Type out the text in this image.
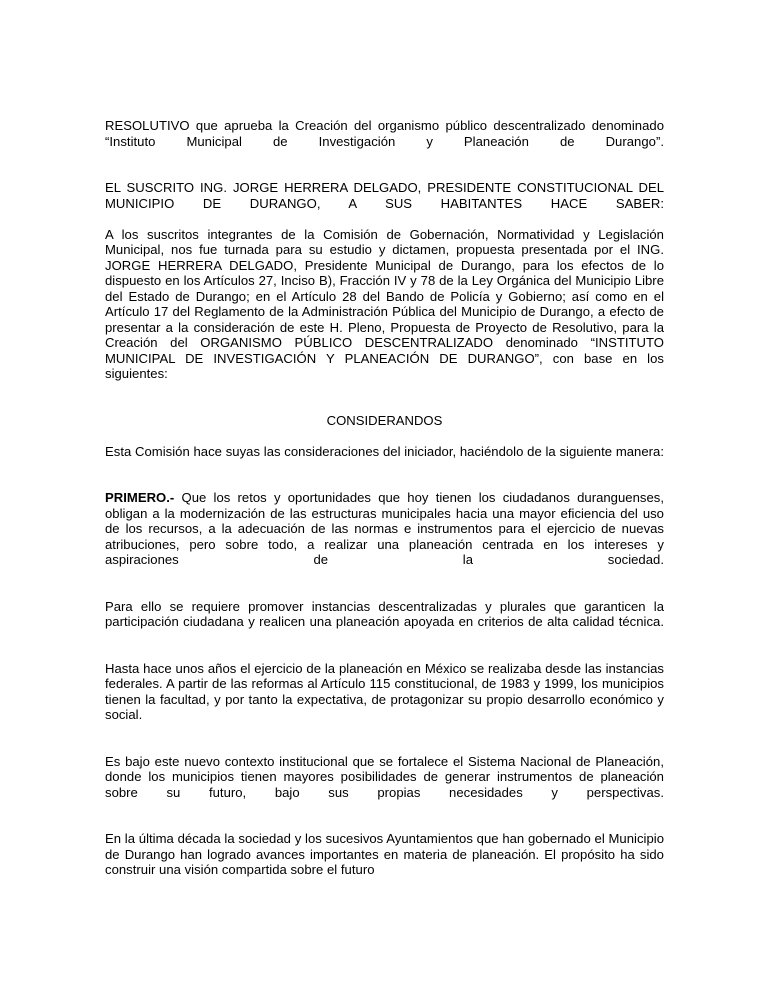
RESOLUTIVO que aprueba la Creación del organismo público descentralizado denominado “Instituto Municipal de Investigación y Planeación de Durango”.

EL SUSCRITO ING. JORGE HERRERA DELGADO, PRESIDENTE CONSTITUCIONAL DEL MUNICIPIO DE DURANGO, A SUS HABITANTES HACE SABER:

A los suscritos integrantes de la Comisión de Gobernación, Normatividad y Legislación Municipal, nos fue turnada para su estudio y dictamen, propuesta presentada por el ING. JORGE HERRERA DELGADO, Presidente Municipal de Durango, para los efectos de lo dispuesto en los Artículos 27, Inciso B), Fracción IV y 78 de la Ley Orgánica del Municipio Libre del Estado de Durango; en el Artículo 28 del Bando de Policía y Gobierno; así como en el Artículo 17 del Reglamento de la Administración Pública del Municipio de Durango, a efecto de presentar a la consideración de este H. Pleno, Propuesta de Proyecto de Resolutivo, para la Creación del ORGANISMO PÚBLICO DESCENTRALIZADO denominado “INSTITUTO MUNICIPAL DE INVESTIGACIÓN Y PLANEACIÓN DE DURANGO”, con base en los siguientes:

CONSIDERANDOS

Esta Comisión hace suyas las consideraciones del iniciador, haciéndolo de la siguiente manera:

PRIMERO.- Que los retos y oportunidades que hoy tienen los ciudadanos duranguenses, obligan a la modernización de las estructuras municipales hacia una mayor eficiencia del uso de los recursos, a la adecuación de las normas e instrumentos para el ejercicio de nuevas atribuciones, pero sobre todo, a realizar una planeación centrada en los intereses y aspiraciones de la sociedad.

Para ello se requiere promover instancias descentralizadas y plurales que garanticen la participación ciudadana y realicen una planeación apoyada en criterios de alta calidad técnica.

Hasta hace unos años el ejercicio de la planeación en México se realizaba desde las instancias federales. A partir de las reformas al Artículo 115 constitucional, de 1983 y 1999, los municipios tienen la facultad, y por tanto la expectativa, de protagonizar su propio desarrollo económico y social.

Es bajo este nuevo contexto institucional que se fortalece el Sistema Nacional de Planeación, donde los municipios tienen mayores posibilidades de generar instrumentos de planeación sobre su futuro, bajo sus propias necesidades y perspectivas.

En la última década la sociedad y los sucesivos Ayuntamientos que han gobernado el Municipio de Durango han logrado avances importantes en materia de planeación. El propósito ha sido construir una visión compartida sobre el futuro
